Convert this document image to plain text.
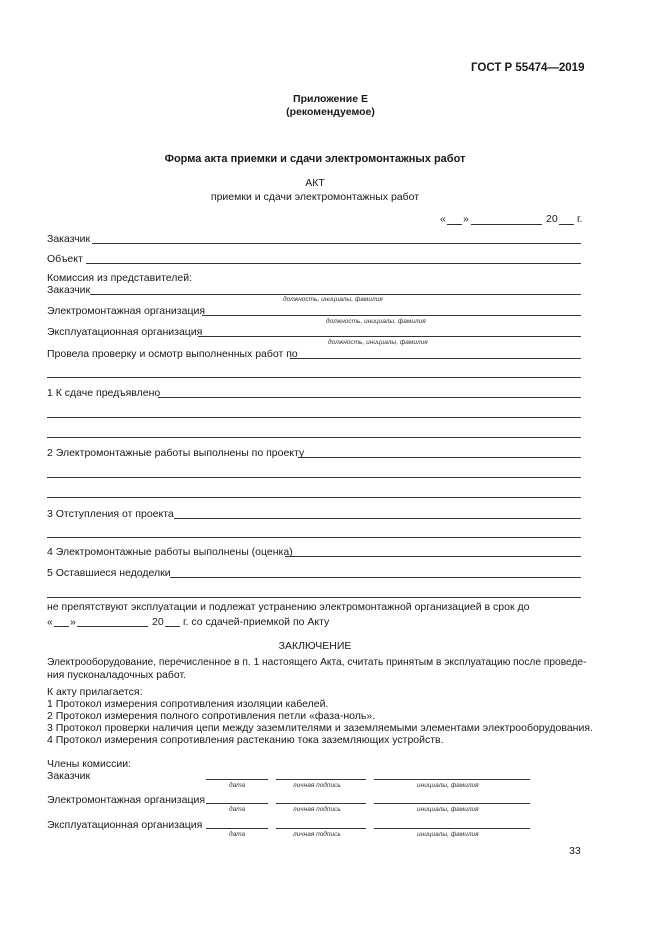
ГОСТ Р 55474—2019
Приложение Е
(рекомендуемое)
Форма акта приемки и сдачи электромонтажных работ
АКТ
приемки и сдачи электромонтажных работ
« »	20 г.
Заказчик
Объект
Комиссия из представителей:
Заказчик
должность, инициалы, фамилия
Электромонтажная организация
должность, инициалы, фамилия
Эксплуатационная организация
должность, инициалы, фамилия
Провела проверку и осмотр выполненных работ по
1 К сдаче предъявлено
2 Электромонтажные работы выполнены по проекту
3 Отступления от проекта
4 Электромонтажные работы выполнены (оценка)
5 Оставшиеся недоделки
не препятствуют эксплуатации и подлежат устранению электромонтажной организацией в срок до
« »	20 г. со сдачей-приемкой по Акту
ЗАКЛЮЧЕНИЕ
Электрооборудование, перечисленное в п. 1 настоящего Акта, считать принятым в эксплуатацию после проведе-
ния пусконаладочных работ.
К акту прилагается:
1 Протокол измерения сопротивления изоляции кабелей.
2 Протокол измерения полного сопротивления петли «фаза-ноль».
3 Протокол проверки наличия цепи между заземлителями и заземляемыми элементами электрооборудования.
4 Протокол измерения сопротивления растеканию тока заземляющих устройств.
Члены комиссии:
Заказчик
дата	личная подпись	инициалы, фамилия
Электромонтажная организация
дата	личная подпись	инициалы, фамилия
Эксплуатационная организация
дата	личная подпись	инициалы, фамилия
33
